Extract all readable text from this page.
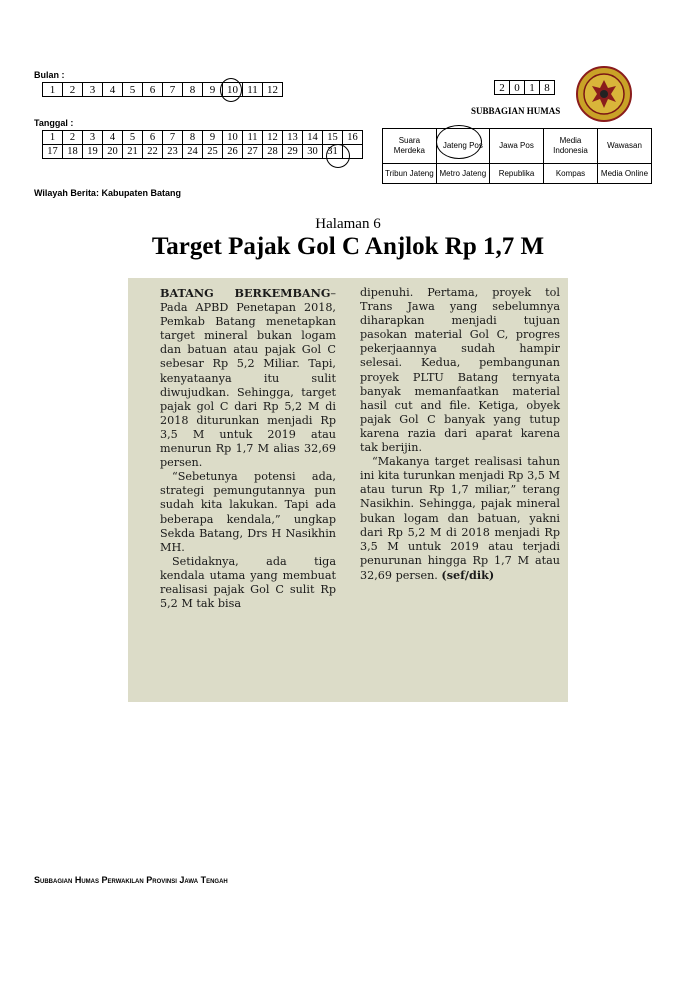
Bulan :
1	2	3	4	5	6	7	8	9	10	11	12
Tanggal :
1	2	3	4	5	6	7	8	9	10	11	12	13	14	15	16
17	18	19	20	21	22	23	24	25	26	27	28	29	30	31	
2	0	1	8
SUBBAGIAN HUMAS
Suara Merdeka	Jateng Pos	Jawa Pos	Media Indonesia	Wawasan
Tribun Jateng	Metro Jateng	Republika	Kompas	Media Online
Wilayah Berita: Kabupaten Batang
Halaman 6
Target Pajak Gol C Anjlok Rp 1,7 M

BATANG BERKEMBANG–Pada APBD Penetapan 2018, Pemkab Batang menetapkan target mineral bukan logam dan batuan atau pajak Gol C sebesar Rp 5,2 Miliar. Tapi, kenyataanya itu sulit diwujudkan. Sehingga, target pajak gol C dari Rp 5,2 M di 2018 diturunkan menjadi Rp 3,5 M untuk 2019 atau menurun Rp 1,7 M alias 32,69 persen.

“Sebetunya potensi ada, strategi pemungutannya pun sudah kita lakukan. Tapi ada beberapa kendala,” ungkap Sekda Batang, Drs H Nasikhin MH.

Setidaknya, ada tiga kendala utama yang membuat realisasi pajak Gol C sulit Rp 5,2 M tak bisa

dipenuhi. Pertama, proyek tol Trans Jawa yang sebelumnya diharapkan menjadi tujuan pasokan material Gol C, progres pekerjaannya sudah hampir selesai. Kedua, pembangunan proyek PLTU Batang ternyata banyak memanfaatkan material hasil cut and file. Ketiga, obyek pajak Gol C banyak yang tutup karena razia dari aparat karena tak berijin.

“Makanya target realisasi tahun ini kita turunkan menjadi Rp 3,5 M atau turun Rp 1,7 miliar,” terang Nasikhin. Sehingga, pajak mineral bukan logam dan batuan, yakni dari Rp 5,2 M di 2018 menjadi Rp 3,5 M untuk 2019 atau terjadi penurunan hingga Rp 1,7 M atau 32,69 persen. (sef/dik)

Subbagian Humas Perwakilan Provinsi Jawa Tengah
